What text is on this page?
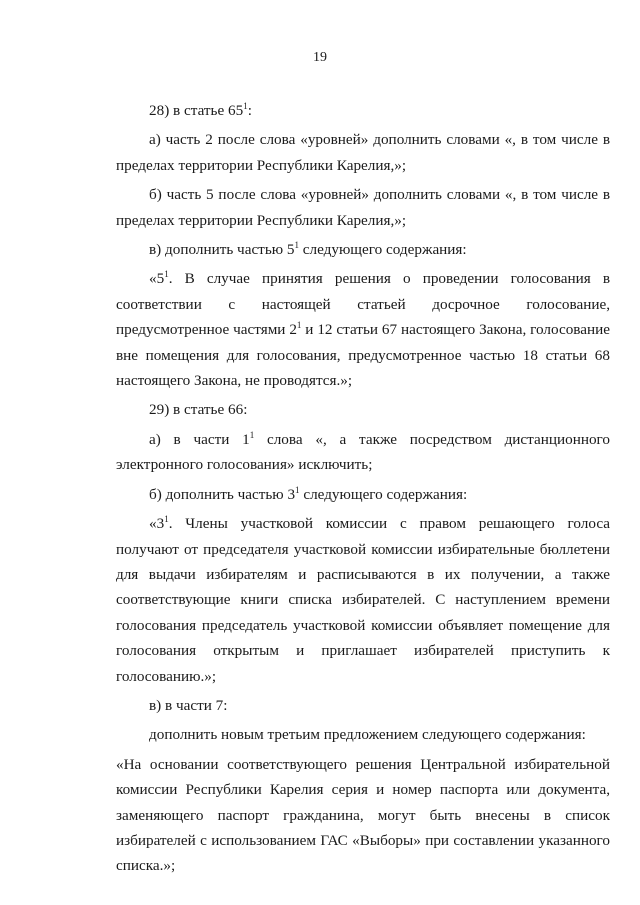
19

28) в статье $65^1$:

а) часть 2 после слова «уровней» дополнить словами «, в том числе в пределах территории Республики Карелия,»;

б) часть 5 после слова «уровней» дополнить словами «, в том числе в пределах территории Республики Карелия,»;

в) дополнить частью $5^1$ следующего содержания:

«$5^1$. В случае принятия решения о проведении голосования в соответствии с настоящей статьей досрочное голосование, предусмотренное частями $2^1$ и 12 статьи 67 настоящего Закона, голосование вне помещения для голосования, предусмотренное частью 18 статьи 68 настоящего Закона, не проводятся.»;

29) в статье 66:

а) в части $1^1$ слова «, а также посредством дистанционного электронного голосования» исключить;

б) дополнить частью $3^1$ следующего содержания:

«$3^1$. Члены участковой комиссии с правом решающего голоса получают от председателя участковой комиссии избирательные бюллетени для выдачи избирателям и расписываются в их получении, а также соответствующие книги списка избирателей. С наступлением времени голосования председатель участковой комиссии объявляет помещение для голосования открытым и приглашает избирателей приступить к голосованию.»;

в) в части 7:

дополнить новым третьим предложением следующего содержания:

«На основании соответствующего решения Центральной избирательной комиссии Республики Карелия серия и номер паспорта или документа, заменяющего паспорт гражданина, могут быть внесены в список избирателей с использованием ГАС «Выборы» при составлении указанного списка.»;
